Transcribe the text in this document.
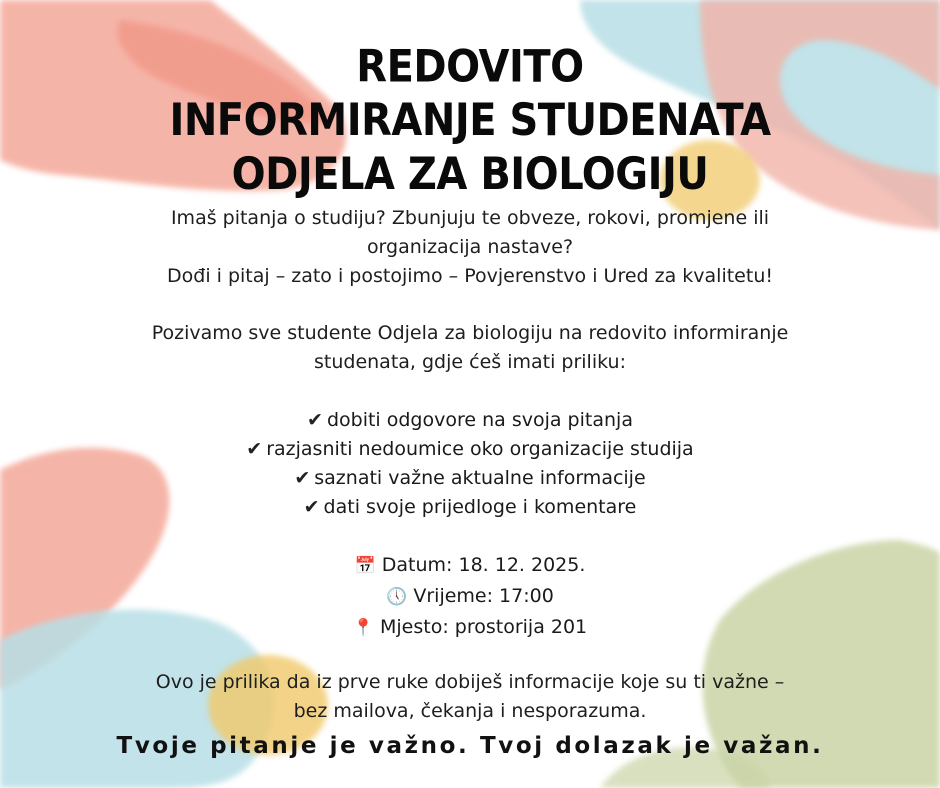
REDOVITO
INFORMIRANJE STUDENATA
ODJELA ZA BIOLOGIJU

Imaš pitanja o studiju? Zbunjuju te obveze, rokovi, promjene ili
organizacija nastave?
Dođi i pitaj – zato i postojimo – Povjerenstvo i Ured za kvalitetu!

Pozivamo sve studente Odjela za biologiju na redovito informiranje
studenata, gdje ćeš imati priliku:

✔ dobiti odgovore na svoja pitanja
✔ razjasniti nedoumice oko organizacije studija
✔ saznati važne aktualne informacije
✔ dati svoje prijedloge i komentare
📅 Datum: 18. 12. 2025.
🕔 Vrijeme: 17:00
📍 Mjesto: prostorija 201

Ovo je prilika da iz prve ruke dobiješ informacije koje su ti važne –
bez mailova, čekanja i nesporazuma.

Tvoje pitanje je važno. Tvoj dolazak je važan.
